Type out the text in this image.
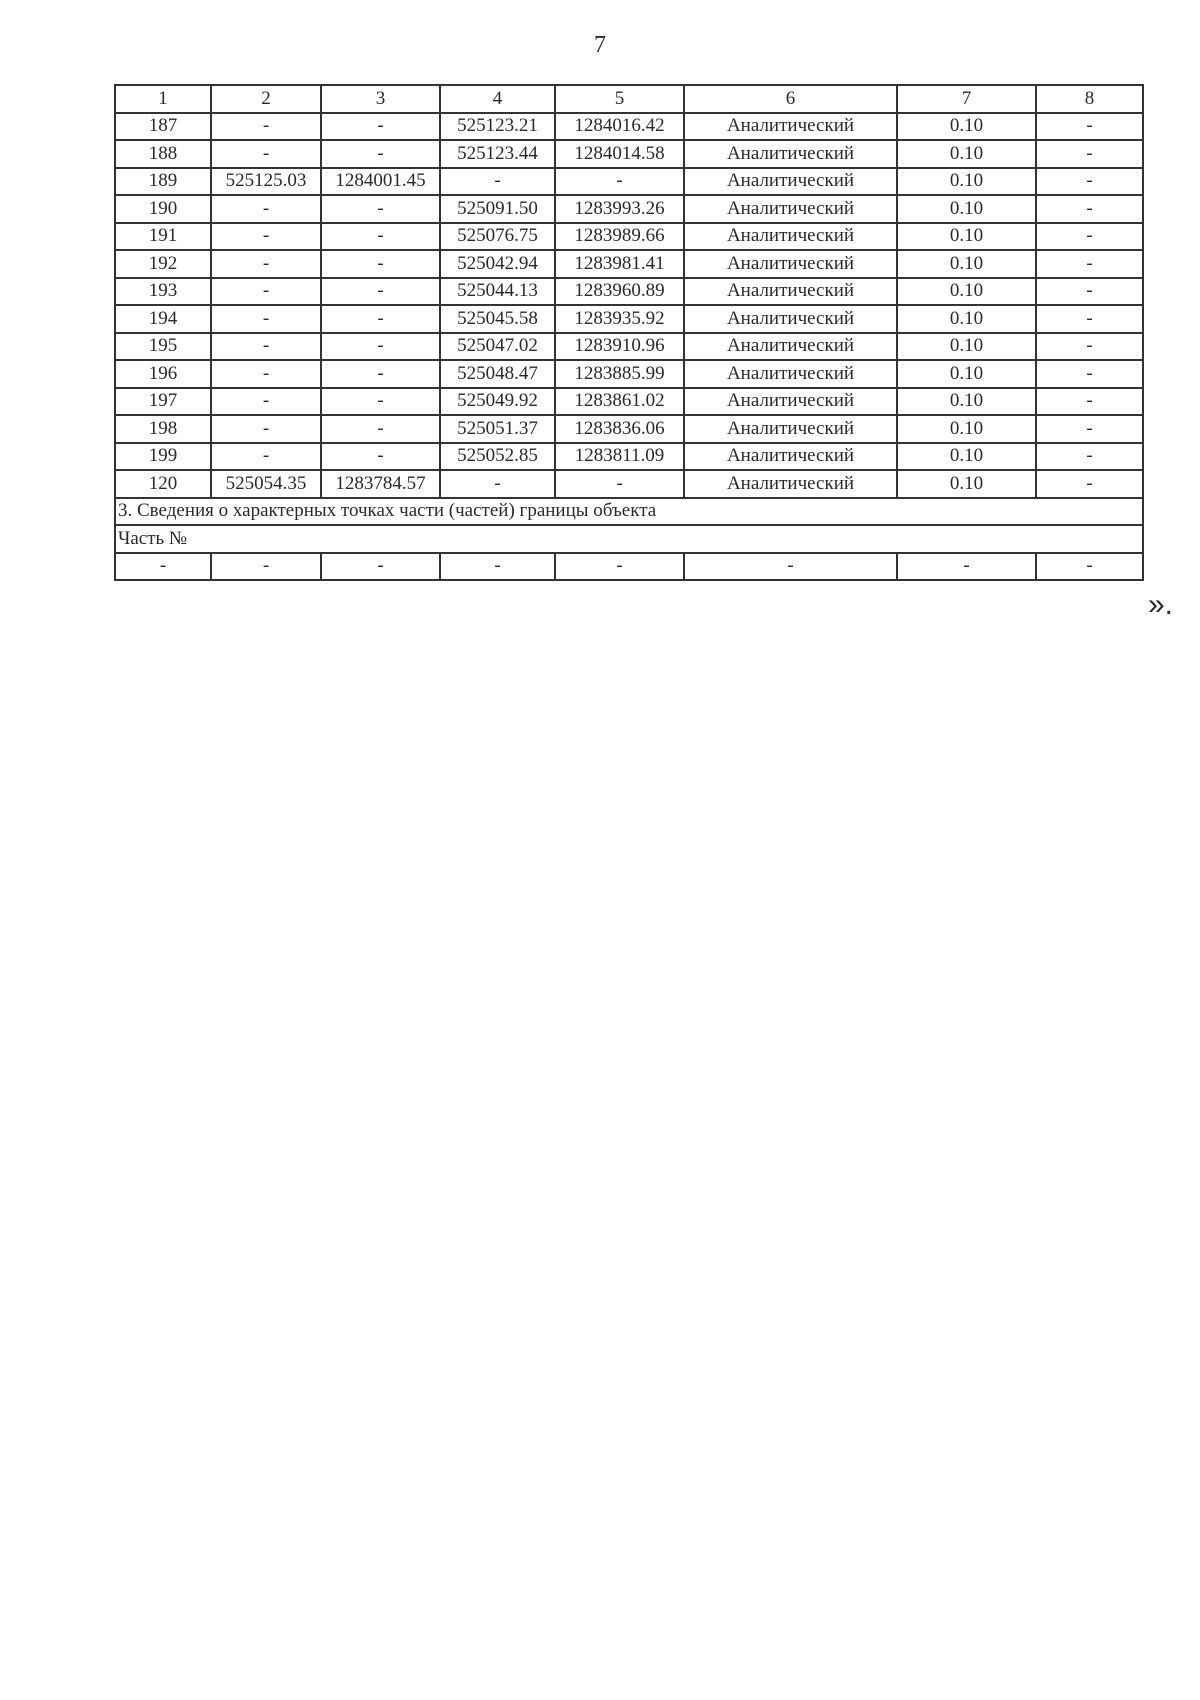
7
1	2	3	4	5	6	7	8
187	-	-	525123.21	1284016.42	Аналитический	0.10	-
188	-	-	525123.44	1284014.58	Аналитический	0.10	-
189	525125.03	1284001.45	-	-	Аналитический	0.10	-
190	-	-	525091.50	1283993.26	Аналитический	0.10	-
191	-	-	525076.75	1283989.66	Аналитический	0.10	-
192	-	-	525042.94	1283981.41	Аналитический	0.10	-
193	-	-	525044.13	1283960.89	Аналитический	0.10	-
194	-	-	525045.58	1283935.92	Аналитический	0.10	-
195	-	-	525047.02	1283910.96	Аналитический	0.10	-
196	-	-	525048.47	1283885.99	Аналитический	0.10	-
197	-	-	525049.92	1283861.02	Аналитический	0.10	-
198	-	-	525051.37	1283836.06	Аналитический	0.10	-
199	-	-	525052.85	1283811.09	Аналитический	0.10	-
120	525054.35	1283784.57	-	-	Аналитический	0.10	-
3. Сведения о характерных точках части (частей) границы объекта							
Часть №							
-	-	-	-	-	-	-	-
».
